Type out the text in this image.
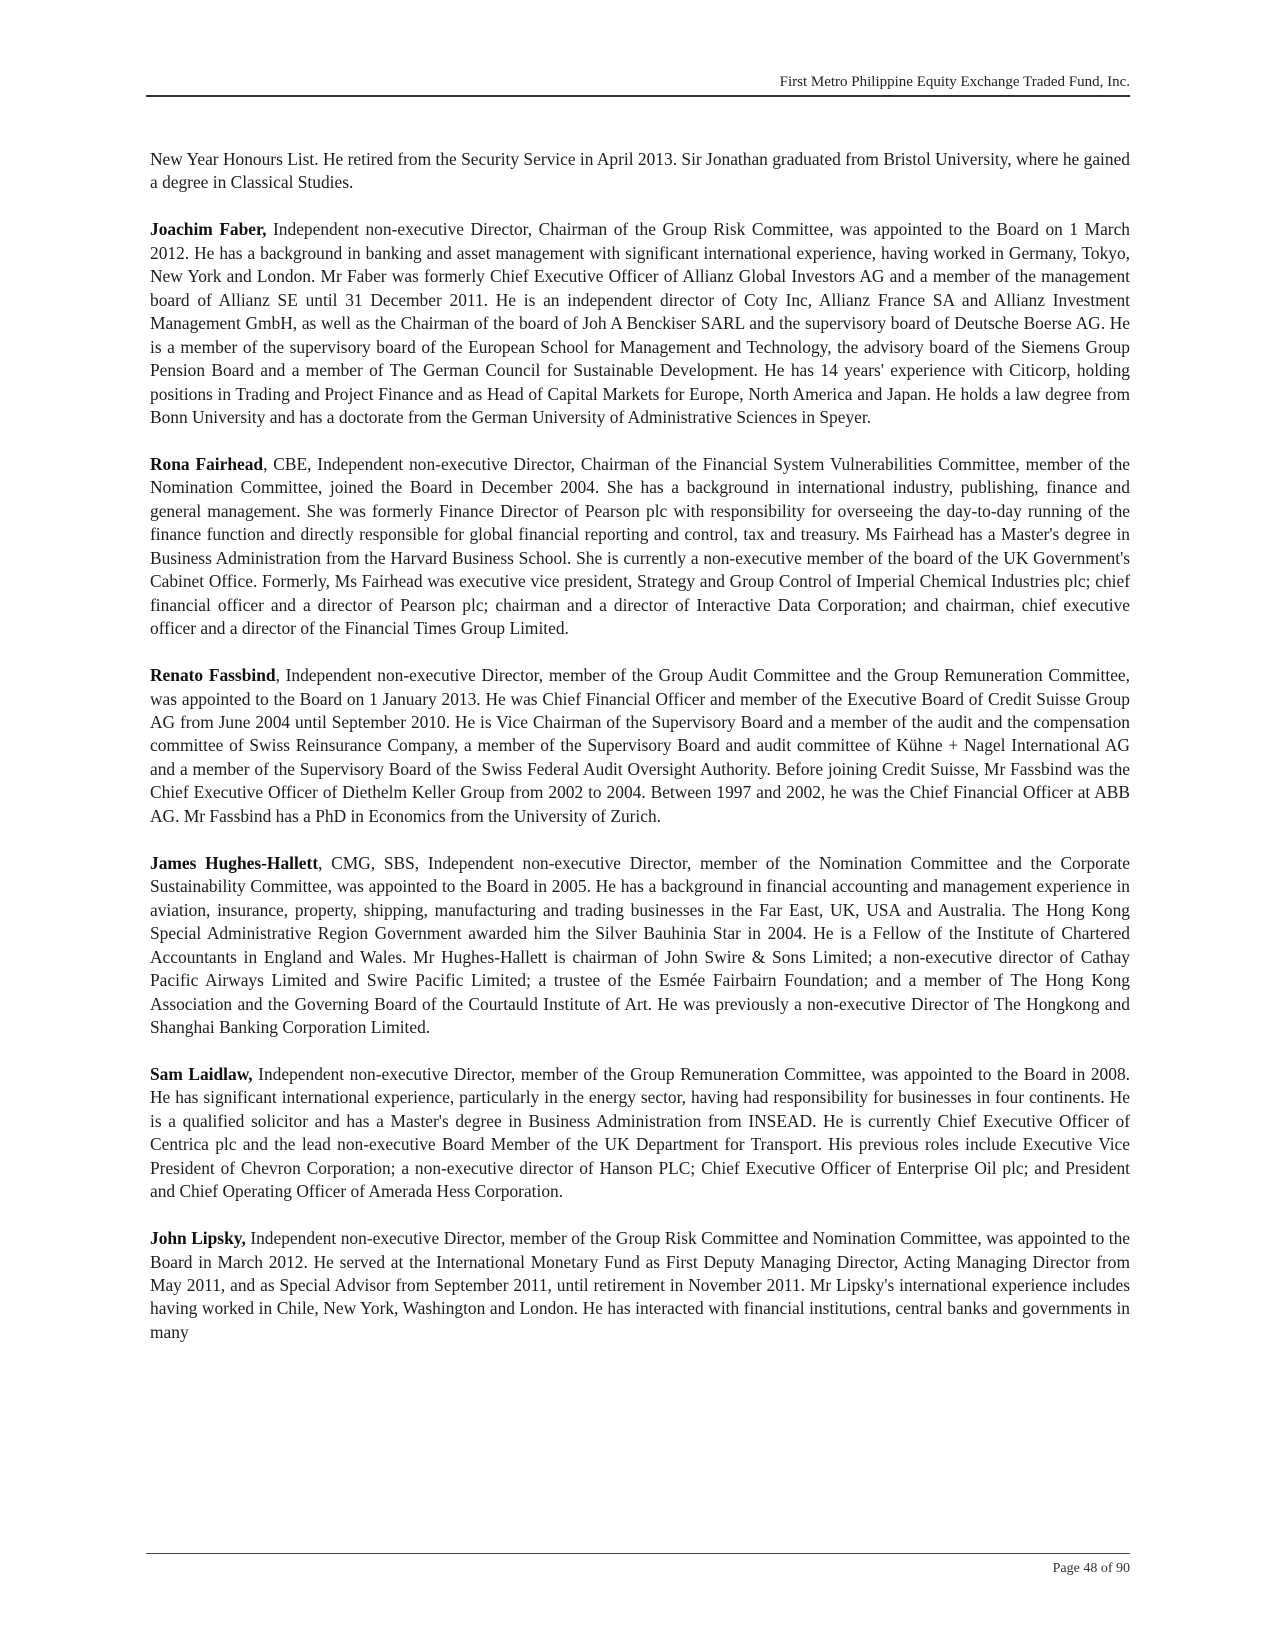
First Metro Philippine Equity Exchange Traded Fund, Inc.

New Year Honours List. He retired from the Security Service in April 2013. Sir Jonathan graduated from Bristol University, where he gained a degree in Classical Studies.

Joachim Faber, Independent non-executive Director, Chairman of the Group Risk Committee, was appointed to the Board on 1 March 2012. He has a background in banking and asset management with significant international experience, having worked in Germany, Tokyo, New York and London. Mr Faber was formerly Chief Executive Officer of Allianz Global Investors AG and a member of the management board of Allianz SE until 31 December 2011. He is an independent director of Coty Inc, Allianz France SA and Allianz Investment Management GmbH, as well as the Chairman of the board of Joh A Benckiser SARL and the supervisory board of Deutsche Boerse AG. He is a member of the supervisory board of the European School for Management and Technology, the advisory board of the Siemens Group Pension Board and a member of The German Council for Sustainable Development. He has 14 years' experience with Citicorp, holding positions in Trading and Project Finance and as Head of Capital Markets for Europe, North America and Japan. He holds a law degree from Bonn University and has a doctorate from the German University of Administrative Sciences in Speyer.

Rona Fairhead, CBE, Independent non-executive Director, Chairman of the Financial System Vulnerabilities Committee, member of the Nomination Committee, joined the Board in December 2004. She has a background in international industry, publishing, finance and general management. She was formerly Finance Director of Pearson plc with responsibility for overseeing the day-to-day running of the finance function and directly responsible for global financial reporting and control, tax and treasury. Ms Fairhead has a Master's degree in Business Administration from the Harvard Business School. She is currently a non-executive member of the board of the UK Government's Cabinet Office. Formerly, Ms Fairhead was executive vice president, Strategy and Group Control of Imperial Chemical Industries plc; chief financial officer and a director of Pearson plc; chairman and a director of Interactive Data Corporation; and chairman, chief executive officer and a director of the Financial Times Group Limited.

Renato Fassbind, Independent non-executive Director, member of the Group Audit Committee and the Group Remuneration Committee, was appointed to the Board on 1 January 2013. He was Chief Financial Officer and member of the Executive Board of Credit Suisse Group AG from June 2004 until September 2010. He is Vice Chairman of the Supervisory Board and a member of the audit and the compensation committee of Swiss Reinsurance Company, a member of the Supervisory Board and audit committee of Kühne + Nagel International AG and a member of the Supervisory Board of the Swiss Federal Audit Oversight Authority. Before joining Credit Suisse, Mr Fassbind was the Chief Executive Officer of Diethelm Keller Group from 2002 to 2004. Between 1997 and 2002, he was the Chief Financial Officer at ABB AG. Mr Fassbind has a PhD in Economics from the University of Zurich.

James Hughes-Hallett, CMG, SBS, Independent non-executive Director, member of the Nomination Committee and the Corporate Sustainability Committee, was appointed to the Board in 2005. He has a background in financial accounting and management experience in aviation, insurance, property, shipping, manufacturing and trading businesses in the Far East, UK, USA and Australia. The Hong Kong Special Administrative Region Government awarded him the Silver Bauhinia Star in 2004. He is a Fellow of the Institute of Chartered Accountants in England and Wales. Mr Hughes-Hallett is chairman of John Swire & Sons Limited; a non-executive director of Cathay Pacific Airways Limited and Swire Pacific Limited; a trustee of the Esmée Fairbairn Foundation; and a member of The Hong Kong Association and the Governing Board of the Courtauld Institute of Art. He was previously a non-executive Director of The Hongkong and Shanghai Banking Corporation Limited.

Sam Laidlaw, Independent non-executive Director, member of the Group Remuneration Committee, was appointed to the Board in 2008. He has significant international experience, particularly in the energy sector, having had responsibility for businesses in four continents. He is a qualified solicitor and has a Master's degree in Business Administration from INSEAD. He is currently Chief Executive Officer of Centrica plc and the lead non-executive Board Member of the UK Department for Transport. His previous roles include Executive Vice President of Chevron Corporation; a non-executive director of Hanson PLC; Chief Executive Officer of Enterprise Oil plc; and President and Chief Operating Officer of Amerada Hess Corporation.

John Lipsky, Independent non-executive Director, member of the Group Risk Committee and Nomination Committee, was appointed to the Board in March 2012. He served at the International Monetary Fund as First Deputy Managing Director, Acting Managing Director from May 2011, and as Special Advisor from September 2011, until retirement in November 2011. Mr Lipsky's international experience includes having worked in Chile, New York, Washington and London. He has interacted with financial institutions, central banks and governments in many

Page 48 of 90
